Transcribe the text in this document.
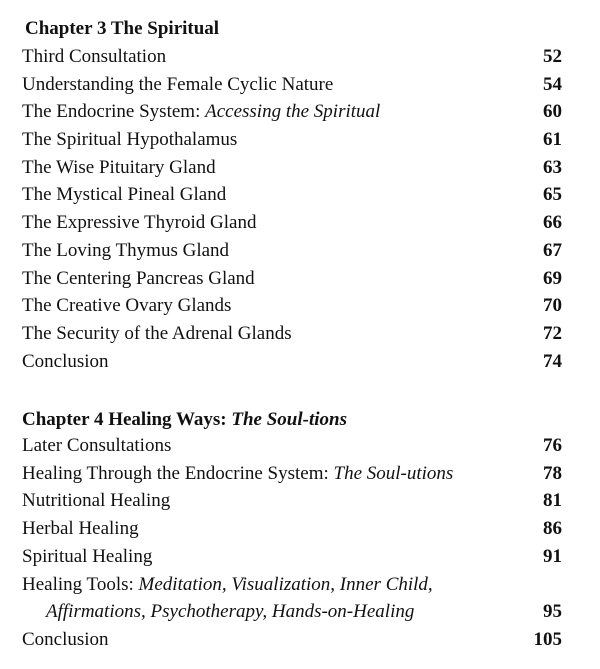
Chapter 3 The Spiritual
Third Consultation	52
Understanding the Female Cyclic Nature	54
The Endocrine System: Accessing the Spiritual	60
The Spiritual Hypothalamus	61
The Wise Pituitary Gland	63
The Mystical Pineal Gland	65
The Expressive Thyroid Gland	66
The Loving Thymus Gland	67
The Centering Pancreas Gland	69
The Creative Ovary Glands	70
The Security of the Adrenal Glands	72
Conclusion	74
Chapter 4 Healing Ways: The Soul-tions
Later Consultations	76
Healing Through the Endocrine System: The Soul-utions	78
Nutritional Healing	81
Herbal Healing	86
Spiritual Healing	91
Healing Tools: Meditation, Visualization, Inner Child,
Affirmations, Psychotherapy, Hands-on-Healing	95
Conclusion	105
